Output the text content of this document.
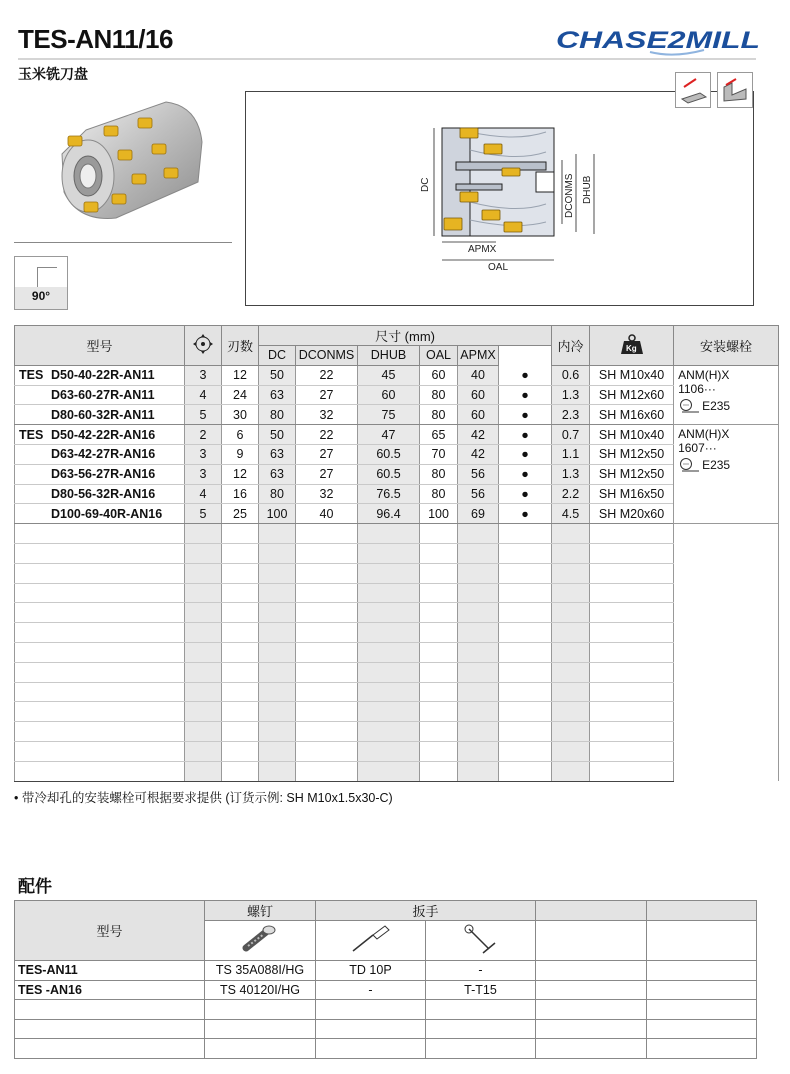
TES-AN11/16
玉米铣刀盘
CHASE2MILL
90°
DC	DCONMS DHUB
APMX
OAL
型号		刃数	尺寸 (mm)						内冷	Kg	安装螺栓	
			DC	DCONMS	DHUB	OAL	APMX					
TES D50-40-22R-AN11	3	12	50	22	45	60	40	●	0.6	SH M10x40	ANM(H)X
1106···
E235	

D63-60-27R-AN11	4	24	63	27	60	80	60	●	1.3	SH M12x60		
D80-60-32R-AN11	5	30	80	32	75	80	60	●	2.3	SH M16x60		
TES D50-42-22R-AN16	2	6	50	22	47	65	42	●	0.7	SH M10x40	ANM(H)X
1607···
E235	

D63-42-27R-AN16	3	9	63	27	60.5	70	42	●	1.1	SH M12x50		
D63-56-27R-AN16	3	12	63	27	60.5	80	56	●	1.3	SH M12x50		
D80-56-32R-AN16	4	16	80	32	76.5	80	56	●	2.2	SH M16x50		
D100-69-40R-AN16	5	25	100	40	96.4	100	69	●	4.5	SH M20x60		

• 带冷却孔的安装螺栓可根据要求提供 (订货示例: SH M10x1.5x30-C)
配件
型号	螺钉	扳手			

TES-AN11	TS 35A088I/HG	TD 10P	-		
TES -AN16	TS 40120I/HG	-	T-T15		
